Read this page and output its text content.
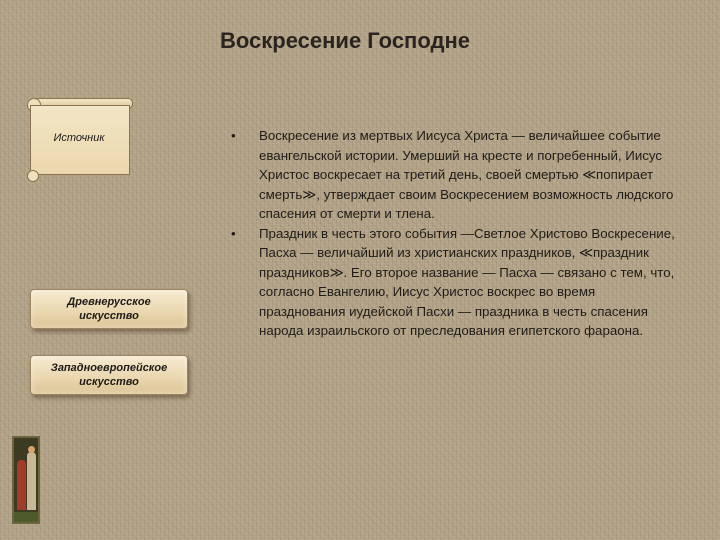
Воскресение Господне
Источник
Древнерусское искусство
Западноевропейское искусство
•	Воскресение из мертвых Иисуса Христа — величайшее событие евангельской истории. Умерший на кресте и погребенный, Иисус Христос воскресает на третий день, своей смертью ≪попирает смерть≫, утверждает своим Воскресением возможность людского спасения от смерти и тлена.
•	Праздник в честь этого события —Светлое Христово Воскресение, Пасха — величайший из христианских праздников, ≪праздник праздников≫. Его второе название — Пасха — связано с тем, что, согласно Евангелию, Иисус Христос воскрес во время празднования иудейской Пасхи — праздника в честь спасения народа израильского от преследования египетского фараона.
